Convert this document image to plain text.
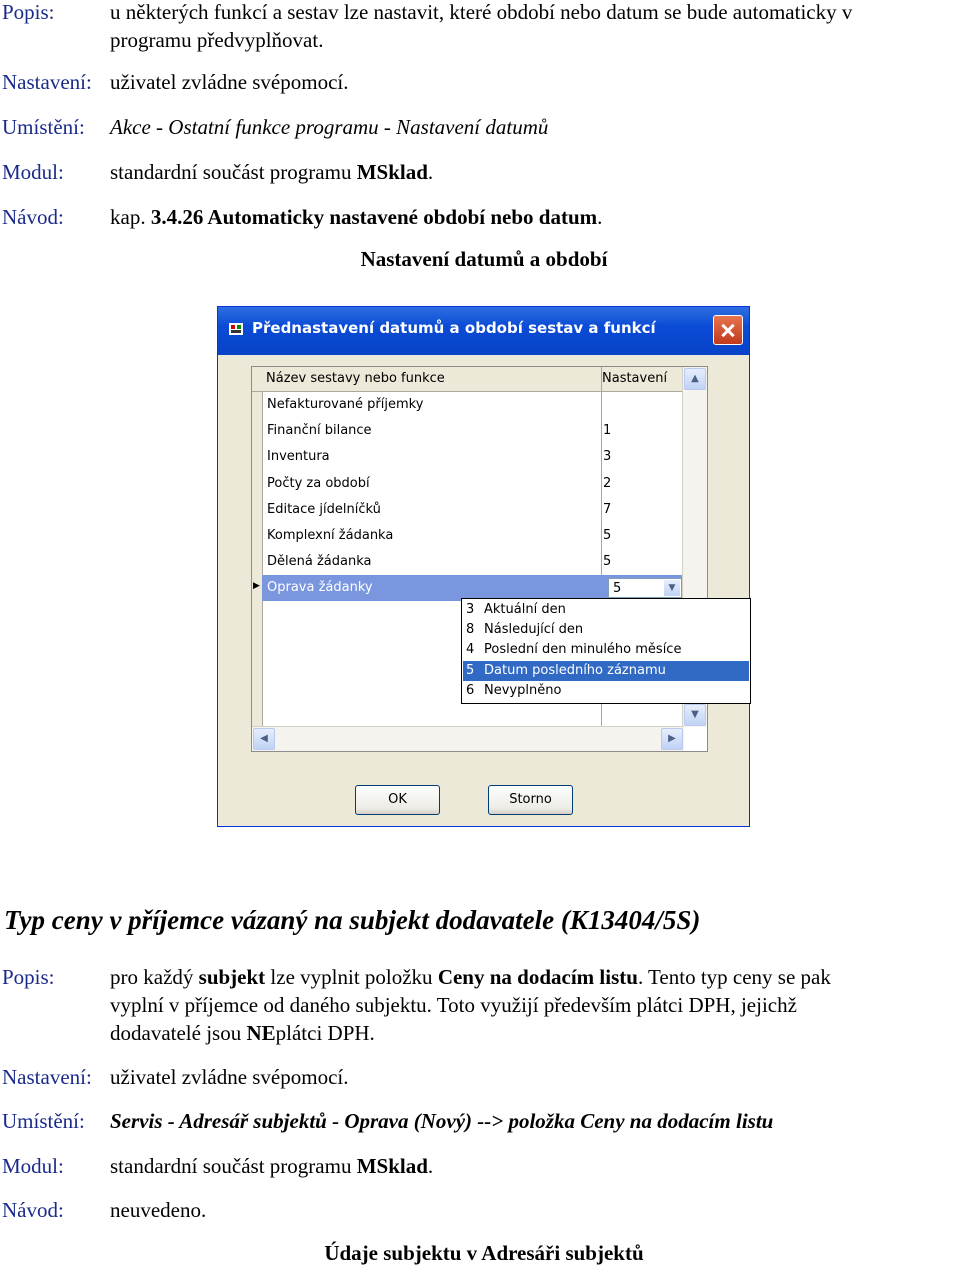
Popis:	u některých funkcí a sestav lze nastavit, které období nebo datum se bude automaticky v
programu předvyplňovat.
Nastavení: uživatel zvládne svépomocí.
Umístění: Akce - Ostatní funkce programu - Nastavení datumů
Modul: standardní součást programu MSklad.
Návod: kap. 3.4.26 Automaticky nastavené období nebo datum.
Nastavení datumů a období
Přednastavení datumů a období sestav a funkcí
Název sestavy nebo funkce	Nastavení
Nefakturované příjemky
Finanční bilance	1
Inventura	3
Počty za období	2
Editace jídelníčků	7
Komplexní žádanka	5
Dělená žádanka	5
▶ Oprava žádanky	5	▼
▲
▼
◀	▶
3 Aktuální den
8 Následující den
4 Poslední den minulého měsíce
5 Datum posledního záznamu
6 Nevyplněno
OK	Storno
Typ ceny v příjemce vázaný na subjekt dodavatele (K13404/5S)
Popis:	pro každý subjekt lze vyplnit položku Ceny na dodacím listu. Tento typ ceny se pak
vyplní v příjemce od daného subjektu. Toto využijí především plátci DPH, jejichž
dodavatelé jsou NEplátci DPH.
Nastavení: uživatel zvládne svépomocí.
Umístění: Servis - Adresář subjektů - Oprava (Nový) --> položka Ceny na dodacím listu
Modul: standardní součást programu MSklad.
Návod: neuvedeno.
Údaje subjektu v Adresáři subjektů
